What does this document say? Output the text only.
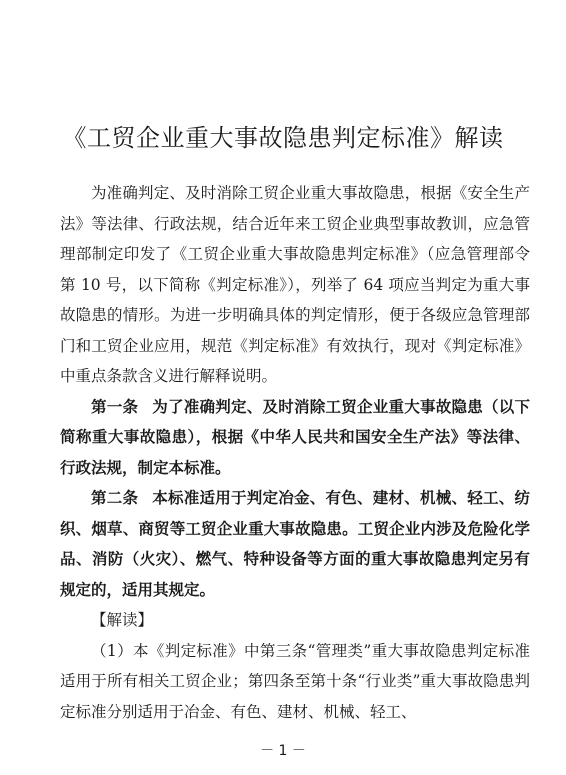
《工贸企业重大事故隐患判定标准》解读

为准确判定、及时消除工贸企业重大事故隐患，根据《安全生产法》等法律、行政法规，结合近年来工贸企业典型事故教训，应急管理部制定印发了《工贸企业重大事故隐患判定标准》（应急管理部令第 10 号，以下简称《判定标准》），列举了 64 项应当判定为重大事故隐患的情形。为进一步明确具体的判定情形，便于各级应急管理部门和工贸企业应用，规范《判定标准》有效执行，现对《判定标准》中重点条款含义进行解释说明。

第一条 为了准确判定、及时消除工贸企业重大事故隐患（以下简称重大事故隐患），根据《中华人民共和国安全生产法》等法律、行政法规，制定本标准。

第二条 本标准适用于判定冶金、有色、建材、机械、轻工、纺织、烟草、商贸等工贸企业重大事故隐患。工贸企业内涉及危险化学品、消防（火灾）、燃气、特种设备等方面的重大事故隐患判定另有规定的，适用其规定。

【解读】

（1）本《判定标准》中第三条“管理类”重大事故隐患判定标准适用于所有相关工贸企业；第四条至第十条“行业类”重大事故隐患判定标准分别适用于冶金、有色、建材、机械、轻工、

－ 1 －
